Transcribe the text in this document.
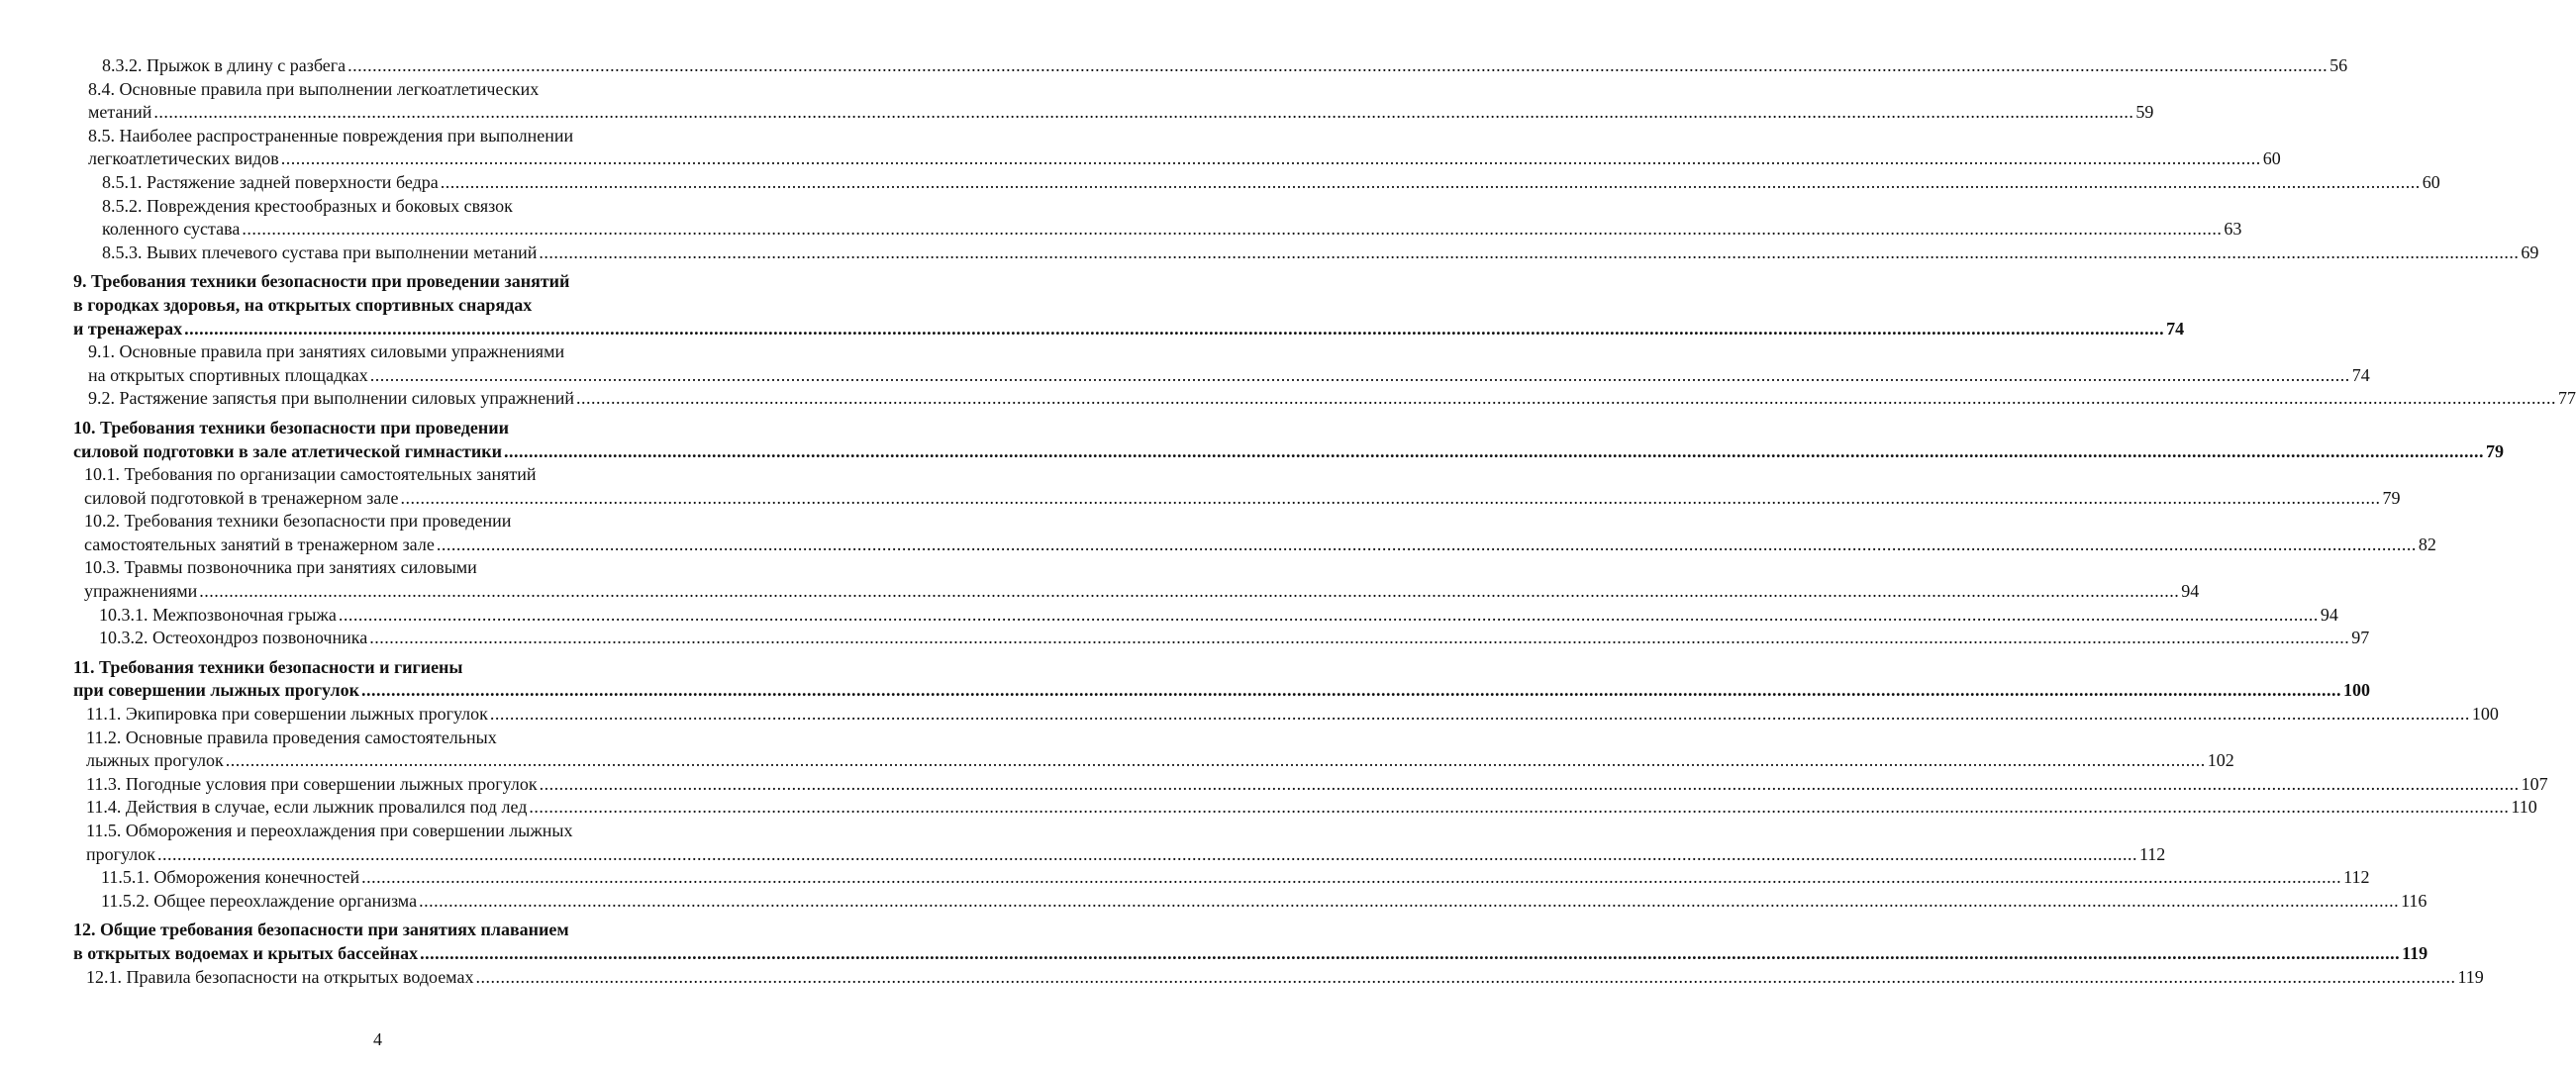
8.3.2. Прыжок в длину с разбега ................................................................................................................................................................................................................................................................................................................................................................................................................ 56
8.4. Основные правила при выполнении легкоатлетических
метаний ................................................................................................................................................................................................................................................................................................................................................................................................................ 59
8.5. Наиболее распространенные повреждения при выполнении
легкоатлетических видов ................................................................................................................................................................................................................................................................................................................................................................................................................ 60
8.5.1. Растяжение задней поверхности бедра ................................................................................................................................................................................................................................................................................................................................................................................................................ 60
8.5.2. Повреждения крестообразных и боковых связок
коленного сустава ................................................................................................................................................................................................................................................................................................................................................................................................................ 63
8.5.3. Вывих плечевого сустава при выполнении метаний ................................................................................................................................................................................................................................................................................................................................................................................................................ 69
9. Требования техники безопасности при проведении занятий
в городках здоровья, на открытых спортивных снарядах
и тренажерах ................................................................................................................................................................................................................................................................................................................................................................................................................ 74
9.1. Основные правила при занятиях силовыми упражнениями
на открытых спортивных площадках ................................................................................................................................................................................................................................................................................................................................................................................................................ 74
9.2. Растяжение запястья при выполнении силовых упражнений ................................................................................................................................................................................................................................................................................................................................................................................................................ 77
10. Требования техники безопасности при проведении
силовой подготовки в зале атлетической гимнастики ................................................................................................................................................................................................................................................................................................................................................................................................................ 79
10.1. Требования по организации самостоятельных занятий
силовой подготовкой в тренажерном зале ................................................................................................................................................................................................................................................................................................................................................................................................................ 79
10.2. Требования техники безопасности при проведении
самостоятельных занятий в тренажерном зале ................................................................................................................................................................................................................................................................................................................................................................................................................ 82
10.3. Травмы позвоночника при занятиях силовыми
упражнениями ................................................................................................................................................................................................................................................................................................................................................................................................................ 94
10.3.1. Межпозвоночная грыжа ................................................................................................................................................................................................................................................................................................................................................................................................................ 94
10.3.2. Остеохондроз позвоночника ................................................................................................................................................................................................................................................................................................................................................................................................................ 97
11. Требования техники безопасности и гигиены
при совершении лыжных прогулок ................................................................................................................................................................................................................................................................................................................................................................................................................ 100
11.1. Экипировка при совершении лыжных прогулок ................................................................................................................................................................................................................................................................................................................................................................................................................ 100
11.2. Основные правила проведения самостоятельных
лыжных прогулок ................................................................................................................................................................................................................................................................................................................................................................................................................ 102
11.3. Погодные условия при совершении лыжных прогулок ................................................................................................................................................................................................................................................................................................................................................................................................................ 107
11.4. Действия в случае, если лыжник провалился под лед ................................................................................................................................................................................................................................................................................................................................................................................................................ 110
11.5. Обморожения и переохлаждения при совершении лыжных
прогулок ................................................................................................................................................................................................................................................................................................................................................................................................................ 112
11.5.1. Обморожения конечностей ................................................................................................................................................................................................................................................................................................................................................................................................................ 112
11.5.2. Общее переохлаждение организма ................................................................................................................................................................................................................................................................................................................................................................................................................ 116
12. Общие требования безопасности при занятиях плаванием
в открытых водоемах и крытых бассейнах ................................................................................................................................................................................................................................................................................................................................................................................................................ 119
12.1. Правила безопасности на открытых водоемах ................................................................................................................................................................................................................................................................................................................................................................................................................ 119
4
